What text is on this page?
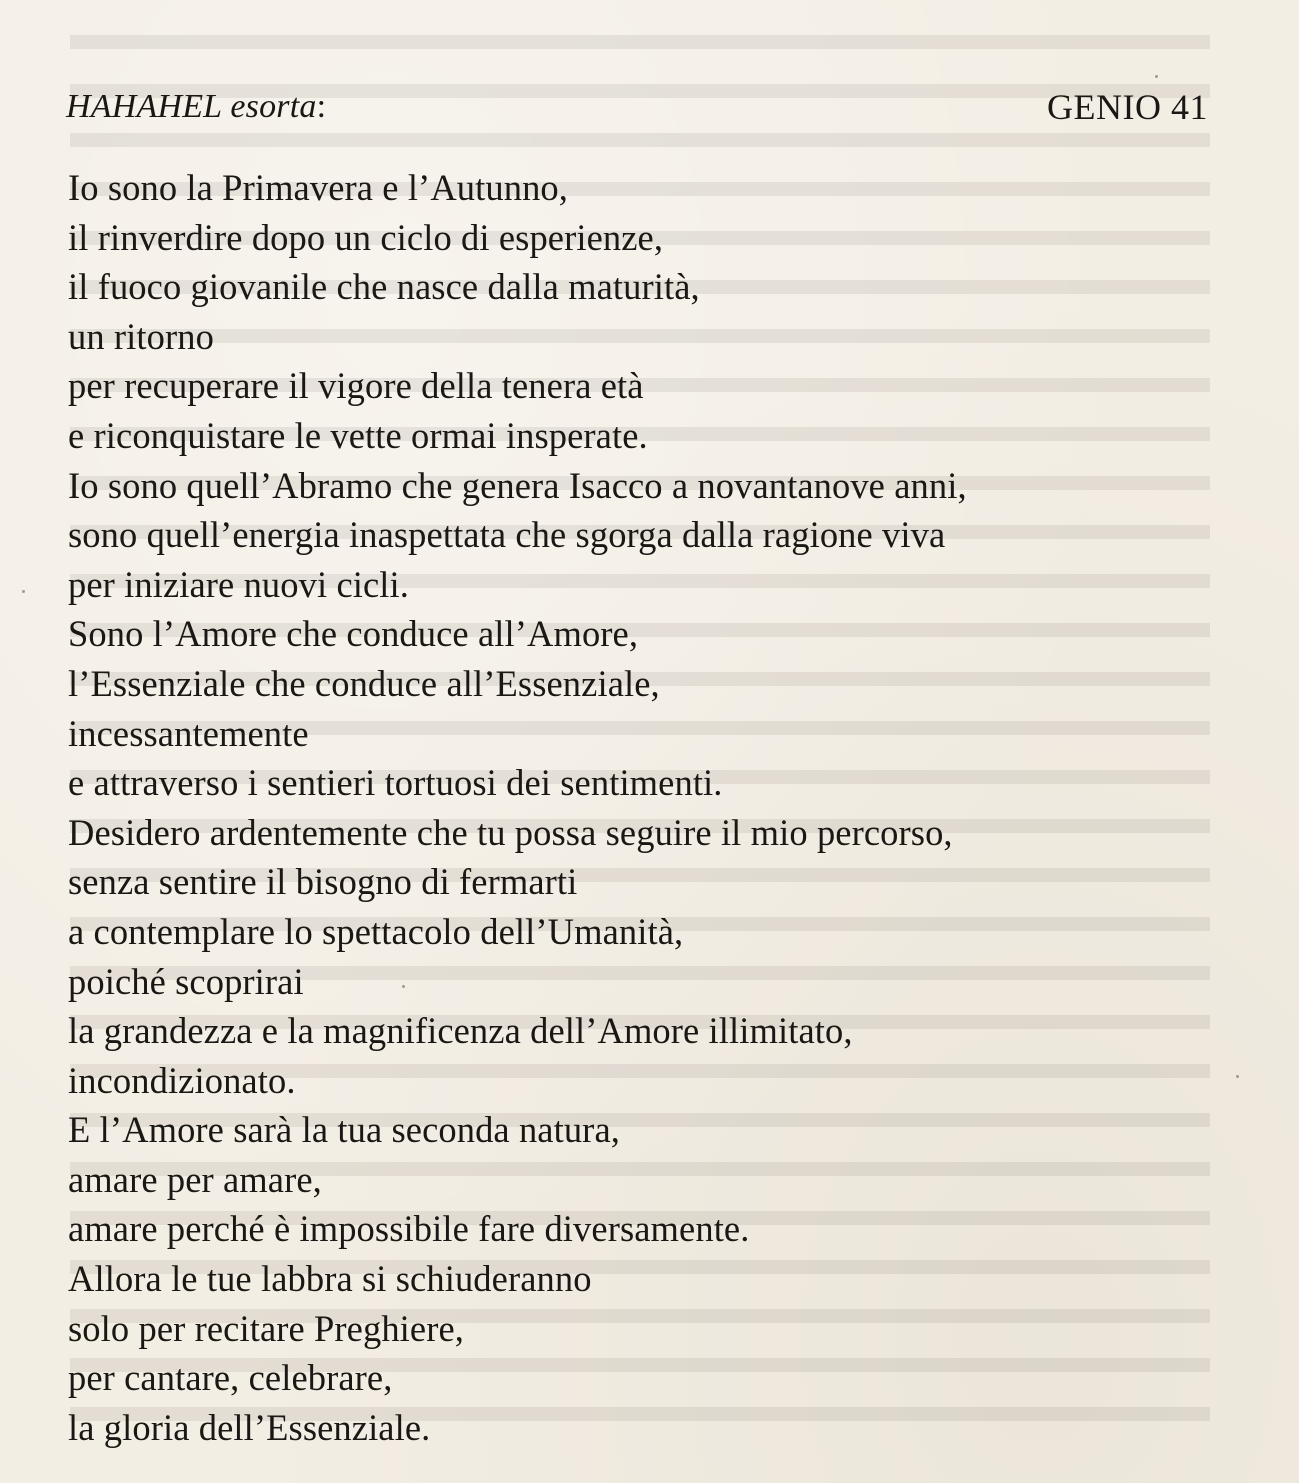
HAHAHEL esorta:	GENIO 41
Io sono la Primavera e l’Autunno,
il rinverdire dopo un ciclo di esperienze,
il fuoco giovanile che nasce dalla maturità,
un ritorno
per recuperare il vigore della tenera età
e riconquistare le vette ormai insperate.
Io sono quell’Abramo che genera Isacco a novantanove anni,
sono quell’energia inaspettata che sgorga dalla ragione viva
per iniziare nuovi cicli.
Sono l’Amore che conduce all’Amore,
l’Essenziale che conduce all’Essenziale,
incessantemente
e attraverso i sentieri tortuosi dei sentimenti.
Desidero ardentemente che tu possa seguire il mio percorso,
senza sentire il bisogno di fermarti
a contemplare lo spettacolo dell’Umanità,
poiché scoprirai
la grandezza e la magnificenza dell’Amore illimitato,
incondizionato.
E l’Amore sarà la tua seconda natura,
amare per amare,
amare perché è impossibile fare diversamente.
Allora le tue labbra si schiuderanno
solo per recitare Preghiere,
per cantare, celebrare,
la gloria dell’Essenziale.
